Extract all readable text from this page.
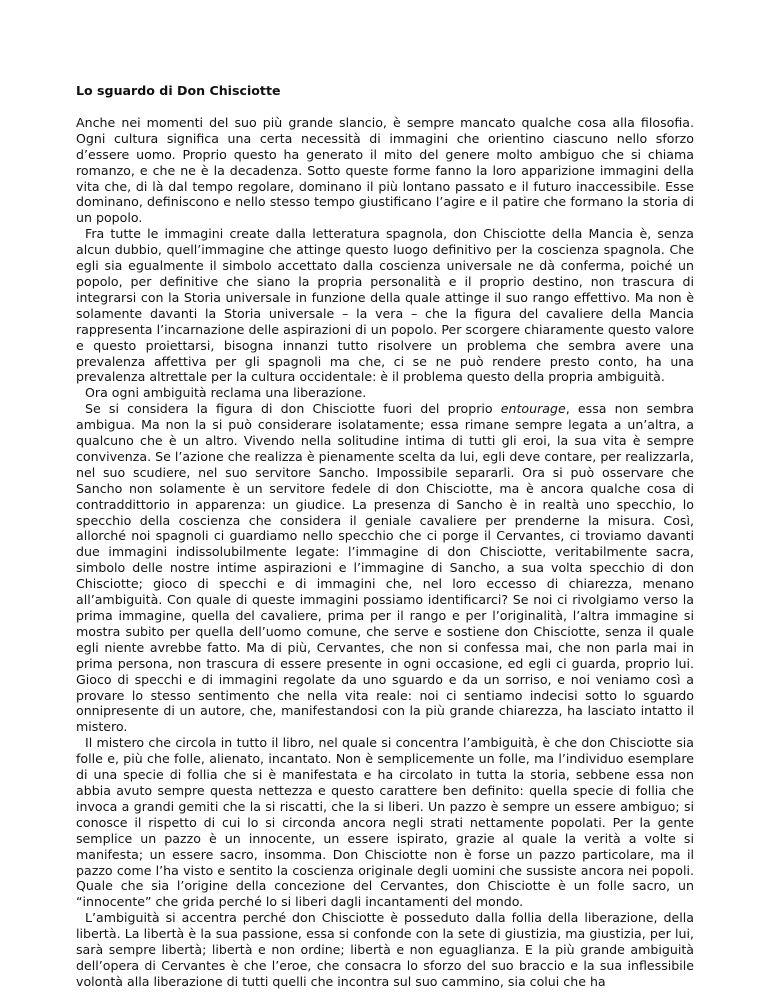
Lo sguardo di Don Chisciotte

Anche nei momenti del suo più grande slancio, è sempre mancato qualche cosa alla filosofia. Ogni cultura significa una certa necessità di immagini che orientino ciascuno nello sforzo d’essere uomo. Proprio questo ha generato il mito del genere molto ambiguo che si chiama romanzo, e che ne è la decadenza. Sotto queste forme fanno la loro apparizione immagini della vita che, di là dal tempo regolare, dominano il più lontano passato e il futuro inaccessibile. Esse dominano, definiscono e nello stesso tempo giustificano l’agire e il patire che formano la storia di un popolo.

Fra tutte le immagini create dalla letteratura spagnola, don Chisciotte della Mancia è, senza alcun dubbio, quell’immagine che attinge questo luogo definitivo per la coscienza spagnola. Che egli sia egualmente il simbolo accettato dalla coscienza universale ne dà conferma, poiché un popolo, per definitive che siano la propria personalità e il proprio destino, non trascura di integrarsi con la Storia universale in funzione della quale attinge il suo rango effettivo. Ma non è solamente davanti la Storia universale – la vera – che la figura del cavaliere della Mancia rappresenta l’incarnazione delle aspirazioni di un popolo. Per scorgere chiaramente questo valore e questo proiettarsi, bisogna innanzi tutto risolvere un problema che sembra avere una prevalenza affettiva per gli spagnoli ma che, ci se ne può rendere presto conto, ha una prevalenza altrettale per la cultura occidentale: è il problema questo della propria ambiguità.

Ora ogni ambiguità reclama una liberazione.

Se si considera la figura di don Chisciotte fuori del proprio entourage, essa non sembra ambigua. Ma non la si può considerare isolatamente; essa rimane sempre legata a un’altra, a qualcuno che è un altro. Vivendo nella solitudine intima di tutti gli eroi, la sua vita è sempre convivenza. Se l’azione che realizza è pienamente scelta da lui, egli deve contare, per realizzarla, nel suo scudiere, nel suo servitore Sancho. Impossibile separarli. Ora si può osservare che Sancho non solamente è un servitore fedele di don Chisciotte, ma è ancora qualche cosa di contraddittorio in apparenza: un giudice. La presenza di Sancho è in realtà uno specchio, lo specchio della coscienza che considera il geniale cavaliere per prenderne la misura. Così, allorché noi spagnoli ci guardiamo nello specchio che ci porge il Cervantes, ci troviamo davanti due immagini indissolubilmente legate: l’immagine di don Chisciotte, veritabilmente sacra, simbolo delle nostre intime aspirazioni e l’immagine di Sancho, a sua volta specchio di don Chisciotte; gioco di specchi e di immagini che, nel loro eccesso di chiarezza, menano all’ambiguità. Con quale di queste immagini possiamo identificarci? Se noi ci rivolgiamo verso la prima immagine, quella del cavaliere, prima per il rango e per l’originalità, l’altra immagine si mostra subito per quella dell’uomo comune, che serve e sostiene don Chisciotte, senza il quale egli niente avrebbe fatto. Ma di più, Cervantes, che non si confessa mai, che non parla mai in prima persona, non trascura di essere presente in ogni occasione, ed egli ci guarda, proprio lui. Gioco di specchi e di immagini regolate da uno sguardo e da un sorriso, e noi veniamo così a provare lo stesso sentimento che nella vita reale: noi ci sentiamo indecisi sotto lo sguardo onnipresente di un autore, che, manifestandosi con la più grande chiarezza, ha lasciato intatto il mistero.

Il mistero che circola in tutto il libro, nel quale si concentra l’ambiguità, è che don Chisciotte sia folle e, più che folle, alienato, incantato. Non è semplicemente un folle, ma l’individuo esemplare di una specie di follia che si è manifestata e ha circolato in tutta la storia, sebbene essa non abbia avuto sempre questa nettezza e questo carattere ben definito: quella specie di follia che invoca a grandi gemiti che la si riscatti, che la si liberi. Un pazzo è sempre un essere ambiguo; si conosce il rispetto di cui lo si circonda ancora negli strati nettamente popolati. Per la gente semplice un pazzo è un innocente, un essere ispirato, grazie al quale la verità a volte si manifesta; un essere sacro, insomma. Don Chisciotte non è forse un pazzo particolare, ma il pazzo come l’ha visto e sentito la coscienza originale degli uomini che sussiste ancora nei popoli. Quale che sia l’origine della concezione del Cervantes, don Chisciotte è un folle sacro, un “innocente” che grida perché lo si liberi dagli incantamenti del mondo.

L’ambiguità si accentra perché don Chisciotte è posseduto dalla follia della liberazione, della libertà. La libertà è la sua passione, essa si confonde con la sete di giustizia, ma giustizia, per lui, sarà sempre libertà; libertà e non ordine; libertà e non eguaglianza. E la più grande ambiguità dell’opera di Cervantes è che l’eroe, che consacra lo sforzo del suo braccio e la sua inflessibile volontà alla liberazione di tutti quelli che incontra sul suo cammino, sia colui che ha
